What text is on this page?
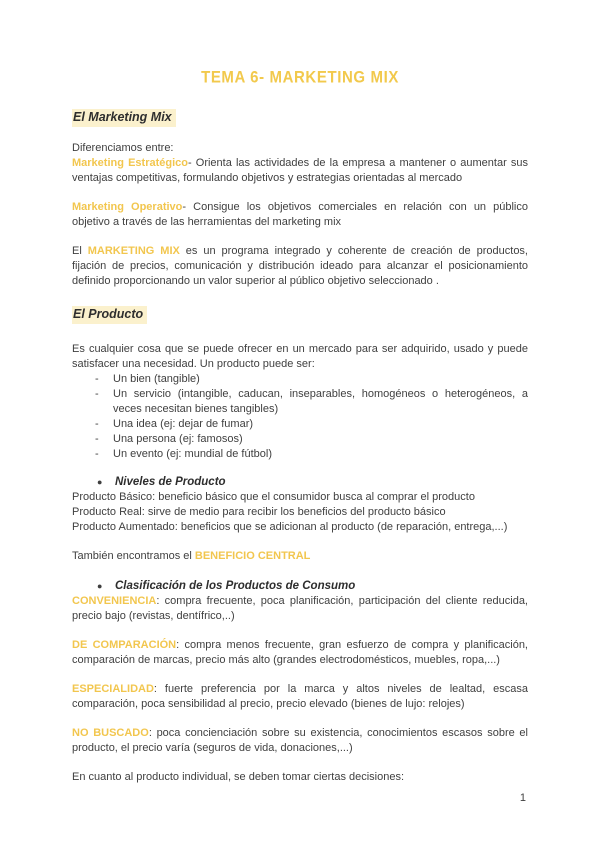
TEMA 6- MARKETING MIX
El Marketing Mix

Diferenciamos entre:

Marketing Estratégico- Orienta las actividades de la empresa a mantener o aumentar sus ventajas competitivas, formulando objetivos y estrategias orientadas al mercado

Marketing Operativo- Consigue los objetivos comerciales en relación con un público objetivo a través de las herramientas del marketing mix

El MARKETING MIX es un programa integrado y coherente de creación de productos, fijación de precios, comunicación y distribución ideado para alcanzar el posicionamiento definido proporcionando un valor superior al público objetivo seleccionado .

El Producto

Es cualquier cosa que se puede ofrecer en un mercado para ser adquirido, usado y puede satisfacer una necesidad. Un producto puede ser:

-	Un bien (tangible)
-	Un servicio (intangible, caducan, inseparables, homogéneos o heterogéneos, a veces necesitan bienes tangibles)
-	Una idea (ej: dejar de fumar)
-	Una persona (ej: famosos)
-	Un evento (ej: mundial de fútbol)
●	Niveles de Producto
Producto Básico: beneficio básico que el consumidor busca al comprar el producto
Producto Real: sirve de medio para recibir los beneficios del producto básico
Producto Aumentado: beneficios que se adicionan al producto (de reparación, entrega,...)

También encontramos el BENEFICIO CENTRAL

●	Clasificación de los Productos de Consumo

CONVENIENCIA: compra frecuente, poca planificación, participación del cliente reducida, precio bajo (revistas, dentífrico,..)

DE COMPARACIÓN: compra menos frecuente, gran esfuerzo de compra y planificación, comparación de marcas, precio más alto (grandes electrodomésticos, muebles, ropa,...)

ESPECIALIDAD: fuerte preferencia por la marca y altos niveles de lealtad, escasa comparación, poca sensibilidad al precio, precio elevado (bienes de lujo: relojes)

NO BUSCADO: poca concienciación sobre su existencia, conocimientos escasos sobre el producto, el precio varía (seguros de vida, donaciones,...)

En cuanto al producto individual, se deben tomar ciertas decisiones:

1
